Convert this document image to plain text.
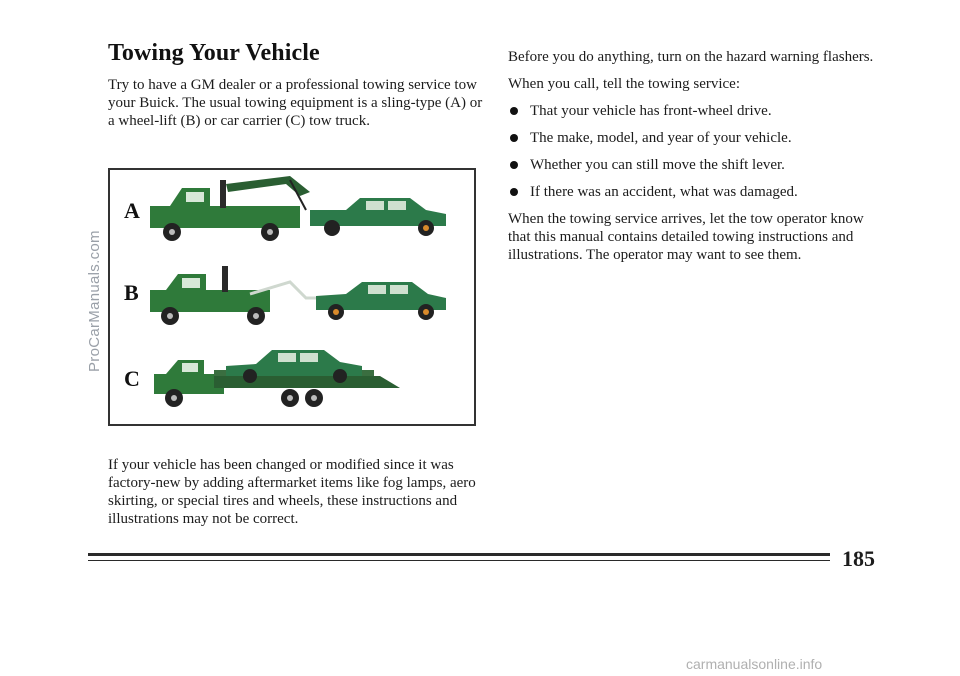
Towing Your Vehicle

Try to have a GM dealer or a professional towing service tow your Buick. The usual towing equipment is a sling-type (A) or a wheel-lift (B) or car carrier (C) tow truck.

A
B
C

If your vehicle has been changed or modified since it was factory-new by adding aftermarket items like fog lamps, aero skirting, or special tires and wheels, these instructions and illustrations may not be correct.

Before you do anything, turn on the hazard warning flashers.

When you call, tell the towing service:

That your vehicle has front-wheel drive.
The make, model, and year of your vehicle.
Whether you can still move the shift lever.
If there was an accident, what was damaged.

When the towing service arrives, let the tow operator know that this manual contains detailed towing instructions and illustrations. The operator may want to see them.

185
ProCarManuals.com
carmanualsonline.info
